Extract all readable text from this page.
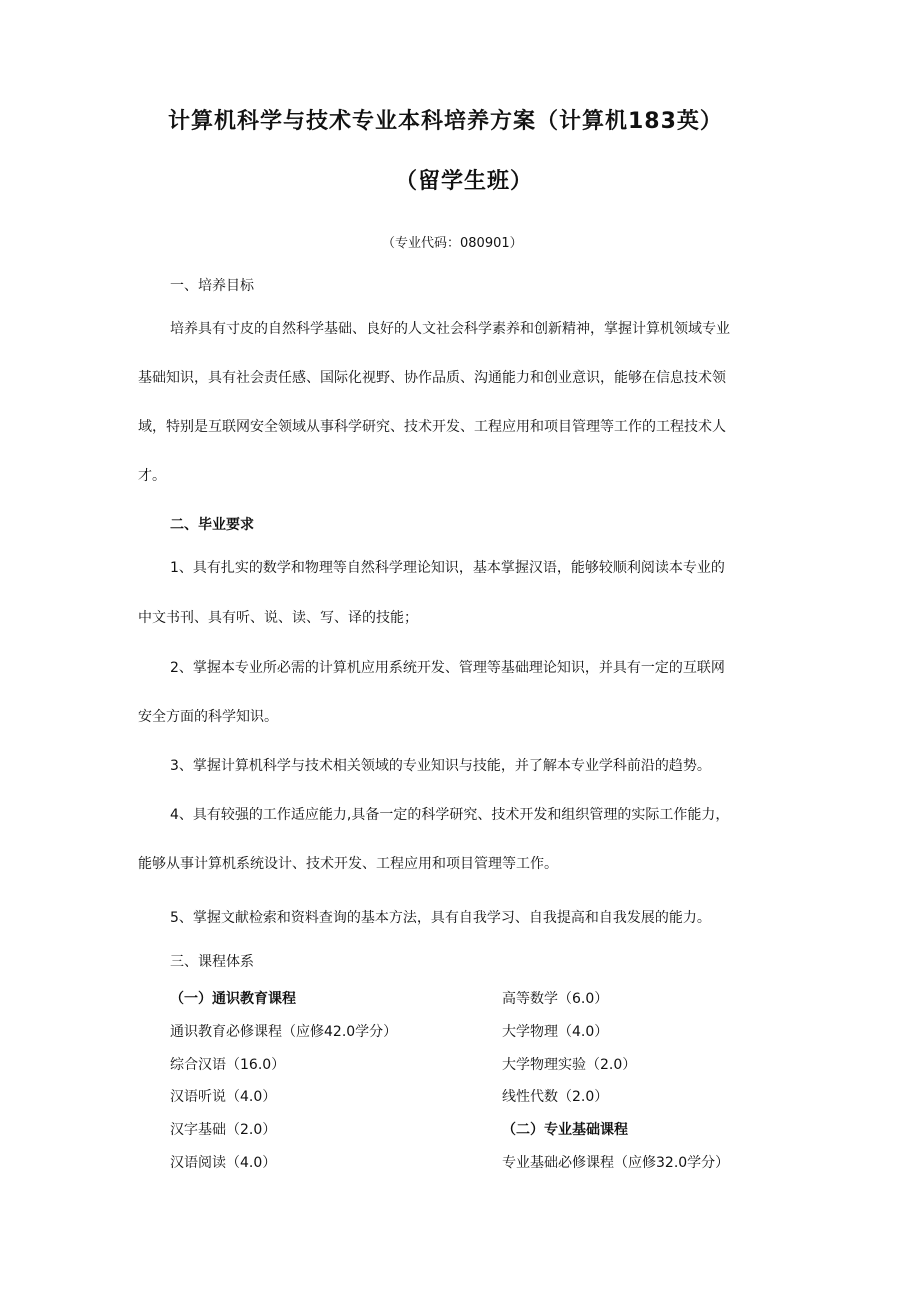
计算机科学与技术专业本科培养方案（计算机183英）
（留学生班）
（专业代码：080901）
一、培养目标
培养具有寸皮的自然科学基础、良好的人文社会科学素养和创新精神，掌握计算机领域专业
基础知识，具有社会责任感、国际化视野、协作品质、沟通能力和创业意识，能够在信息技术领
域，特别是互联网安全领域从事科学研究、技术开发、工程应用和项目管理等工作的工程技术人
才。
二、毕业要求
1、具有扎实的数学和物理等自然科学理论知识，基本掌握汉语，能够较顺利阅读本专业的
中文书刊、具有听、说、读、写、译的技能；
2、掌握本专业所必需的计算机应用系统开发、管理等基础理论知识，并具有一定的互联网
安全方面的科学知识。
3、掌握计算机科学与技术相关领域的专业知识与技能，并了解本专业学科前沿的趋势。
4、具有较强的工作适应能力,具备一定的科学研究、技术开发和组织管理的实际工作能力，
能够从事计算机系统设计、技术开发、工程应用和项目管理等工作。
5、掌握文献检索和资料查询的基本方法，具有自我学习、自我提高和自我发展的能力。
三、课程体系
（一）通识教育课程
通识教育必修课程（应修42.0学分）
综合汉语（16.0）
汉语听说（4.0）
汉字基础（2.0）
汉语阅读（4.0）
高等数学（6.0）
大学物理（4.0）
大学物理实验（2.0）
线性代数（2.0）
（二）专业基础课程
专业基础必修课程（应修32.0学分）
